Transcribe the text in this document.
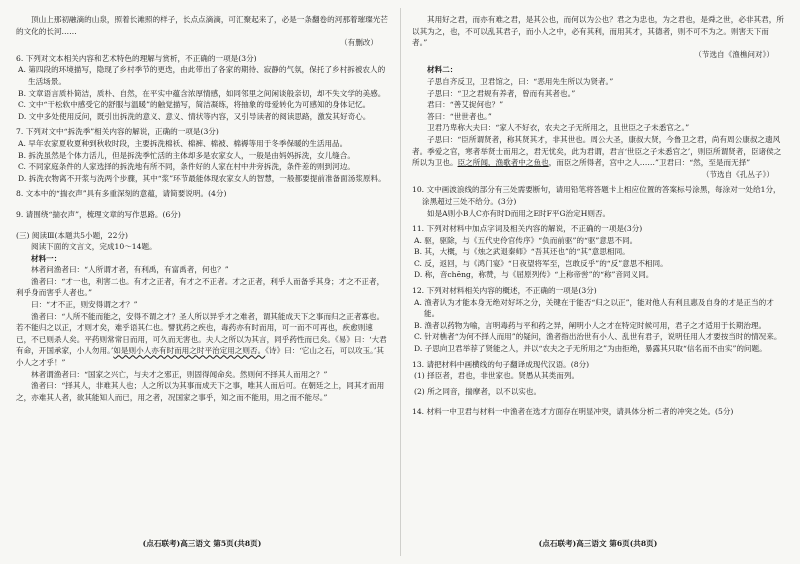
顶山上那初融滴的山泉，照着长滩照的样子，长点点滴滴，可汇聚起来了，必是一条翻卷的河那着璀璨光芒的文化的长河……

（有删改）

6. 下列对文本相关内容和艺术特色的理解与赏析，不正确的一项是(3分)

A. 第四段的环境描写，隐现了乡村季节的更迭，由此带出了各家的期待、寂静的气氛，保托了乡村拆被农人的生活场景。

B. 文章语言质朴简洁，质朴、自然，在平实中蕴含浓厚情感，如同邻里之间闲谈般亲切，却不失文学的美感。

C. 文中“干松软中感受它的舒服与温暖”的触觉描写，简洁凝练，将抽象的母爱转化为可感知的身体记忆。

D. 文中多处使用反问，既引出拆洗的意义、意义、情状等内容，又引导读者的阅读思路，激发其好奇心。

7. 下列对文中“拆洗季”相关内容的解说，正确的一项是(3分)

A. 早年农家夏收夏种到秋收时段，主要拆洗棉袄、棉裤、棉被、棉褥等用于冬季保暖的生活用品。

B. 拆洗虽然是个体力活儿，但是拆洗季忙活的主体却多是农家女人，一般是由妈妈拆洗，女儿缝合。

C. 不同家庭条件的人家选择的拆洗地有所不同，条件好的人家在村中井旁拆洗，条件差的则到河边。

D. 拆洗衣物离不开浆与洗两个步骤，其中“浆”环节最能体现农家女人的智慧，一般都要提前准备面汤浆原料。

8. 文本中的“揣衣声”具有多重深刻的意蕴，请简要说明。(4分)

9. 请围绕“揣衣声”，梳理文章的写作思路。(6分)

(三) 阅读Ⅲ(本题共5小题，22分)

阅读下面的文言文，完成10～14题。

材料一：

林者问渔者曰：“人所谓才者，有利禹，有富禹者，何也？”

渔者曰：“才一也，利害二也。有才之正者，有才之不正者。才之正者，利乎人而备乎其身；才之不正者，利乎身而害乎人者也。”

曰：“才不正，则安得谓之才？”

渔者曰：“人所不能而能之，安得不谓之才？圣人所以异乎才之难者，谓其能成天下之事而归之正者寡也。若不能归之以正，才则才矣，难乎语其仁也。譬犹药之疾也，毒药亦有时而用，可一而不可再也，疾愈则速已，不已则杀人矣。平药则常常日而用，可久而无害也。夫人之所以为其言，同乎药性而已矣。《易》曰：‘大君有命，开国承家，小人勿用。’如是则小人亦有时而用之时平治定用之则否。《诗》曰：‘它山之石，可以攻玉。’其小人之才乎！”

林者谓渔者曰：“国家之兴亡，与夫才之邪正，则固得闻命矣。然则何不择其人而用之？”

渔者曰：“择其人，非难其人也；人之所以为其事而成天下之事，唯其人而后可。在朝廷之上，同其才而用之，亦难其人者，欲其能知人而已，用之者，况国家之事乎，知之而不能用，用之而不能尽。”

(点石联考)高三语文 第5页(共8页)

其用好之君，而亦有难之君，是其公也，而何以为公也？君之为忠也，为之君也，是舜之世，必非其君，所以其为之，也，不可以乱其君子，而小人之中，必有其利，而用其才，其德者，则不可不为之。则害天下而者。”

（节选自《渔樵问对》）

材料二：

子思自齐反卫，卫君馆之，曰：“恶用先生所以为贤者。”

子思曰：“卫之君规有养者，曾而有其者也。”

君曰：“善艾捉何也？”

答曰：“世世者也。”

卫君乃卑称大夫曰：“家人不好衣，农夫之子无所用之，且世臣之子未悉官之。”

子思曰：“臣所谓贤者，称其贤其才，非其世也。周公大圣，康叔大贤，今鲁卫之君，尚有周公康叔之遗风者。季爱之官，寒者举贤士而用之，君无忧矣，此为君谓，君言‘世臣之子未悉官之’，则臣所谓贤者，臣诸侯之所以为卫也。臣之所闻，渔歌者中之鱼也，而臣之所得者，宫中之人……”卫君曰：“然，至是而无择”

（节选自《孔丛子》）

10. 文中画波浪线的部分有三处需要断句，请用铅笔将答题卡上相应位置的答案标号涂黑，每涂对一处给1分，涂黑超过三处不给分。(3分)

如是A则小B人C亦有时D而用之E时F平G治定H则否。

11. 下列对材料中加点字词及相关内容的解说，不正确的一项是(3分)

A. 驱，驱除，与《五代史伶官传序》“负而前驱”的“驱”意思不同。

B. 其，大概，与《烛之武退秦师》“吾其还也”的“其”意思相同。

C. 反，返回，与《鸿门宴》“日夜望将军至，岂敢反乎”的“反”意思不相同。

D. 称，音chēng，称赞，与《屈原列传》“上称帝喾”的“称”音同义同。

12. 下列对材料相关内容的概述，不正确的一项是(3分)

A. 渔者认为才能本身无绝对好坏之分，关键在于能否“归之以正”，能对他人有利且惠及自身的才是正当的才能。

B. 渔者以药物为喻，言明毒药与平和药之异，阐明小人之才在特定时候可用，君子之才适用于长期治理。

C. 针对樵者“为何不择人而用”的疑问，渔者指出治世有小人、乱世有君子，说明任用人才要按当时的情况来。

D. 子思向卫君举荐了贤能之人，并以“农夫之子无所用之”为由拒绝，暴露其只取“信名而不由实”的问题。

13. 请把材料中画横线的句子翻译成现代汉语。(8分)

(1) 择臣者，君也，非世家也。贤愚从其类而列。

(2) 所之同音，揣摩者，以不以实也。

14. 材料一中卫君与材料一中渔者在选才方面存在明显冲突，请具体分析二者的冲突之处。(5分)

(点石联考)高三语文 第6页(共8页)
